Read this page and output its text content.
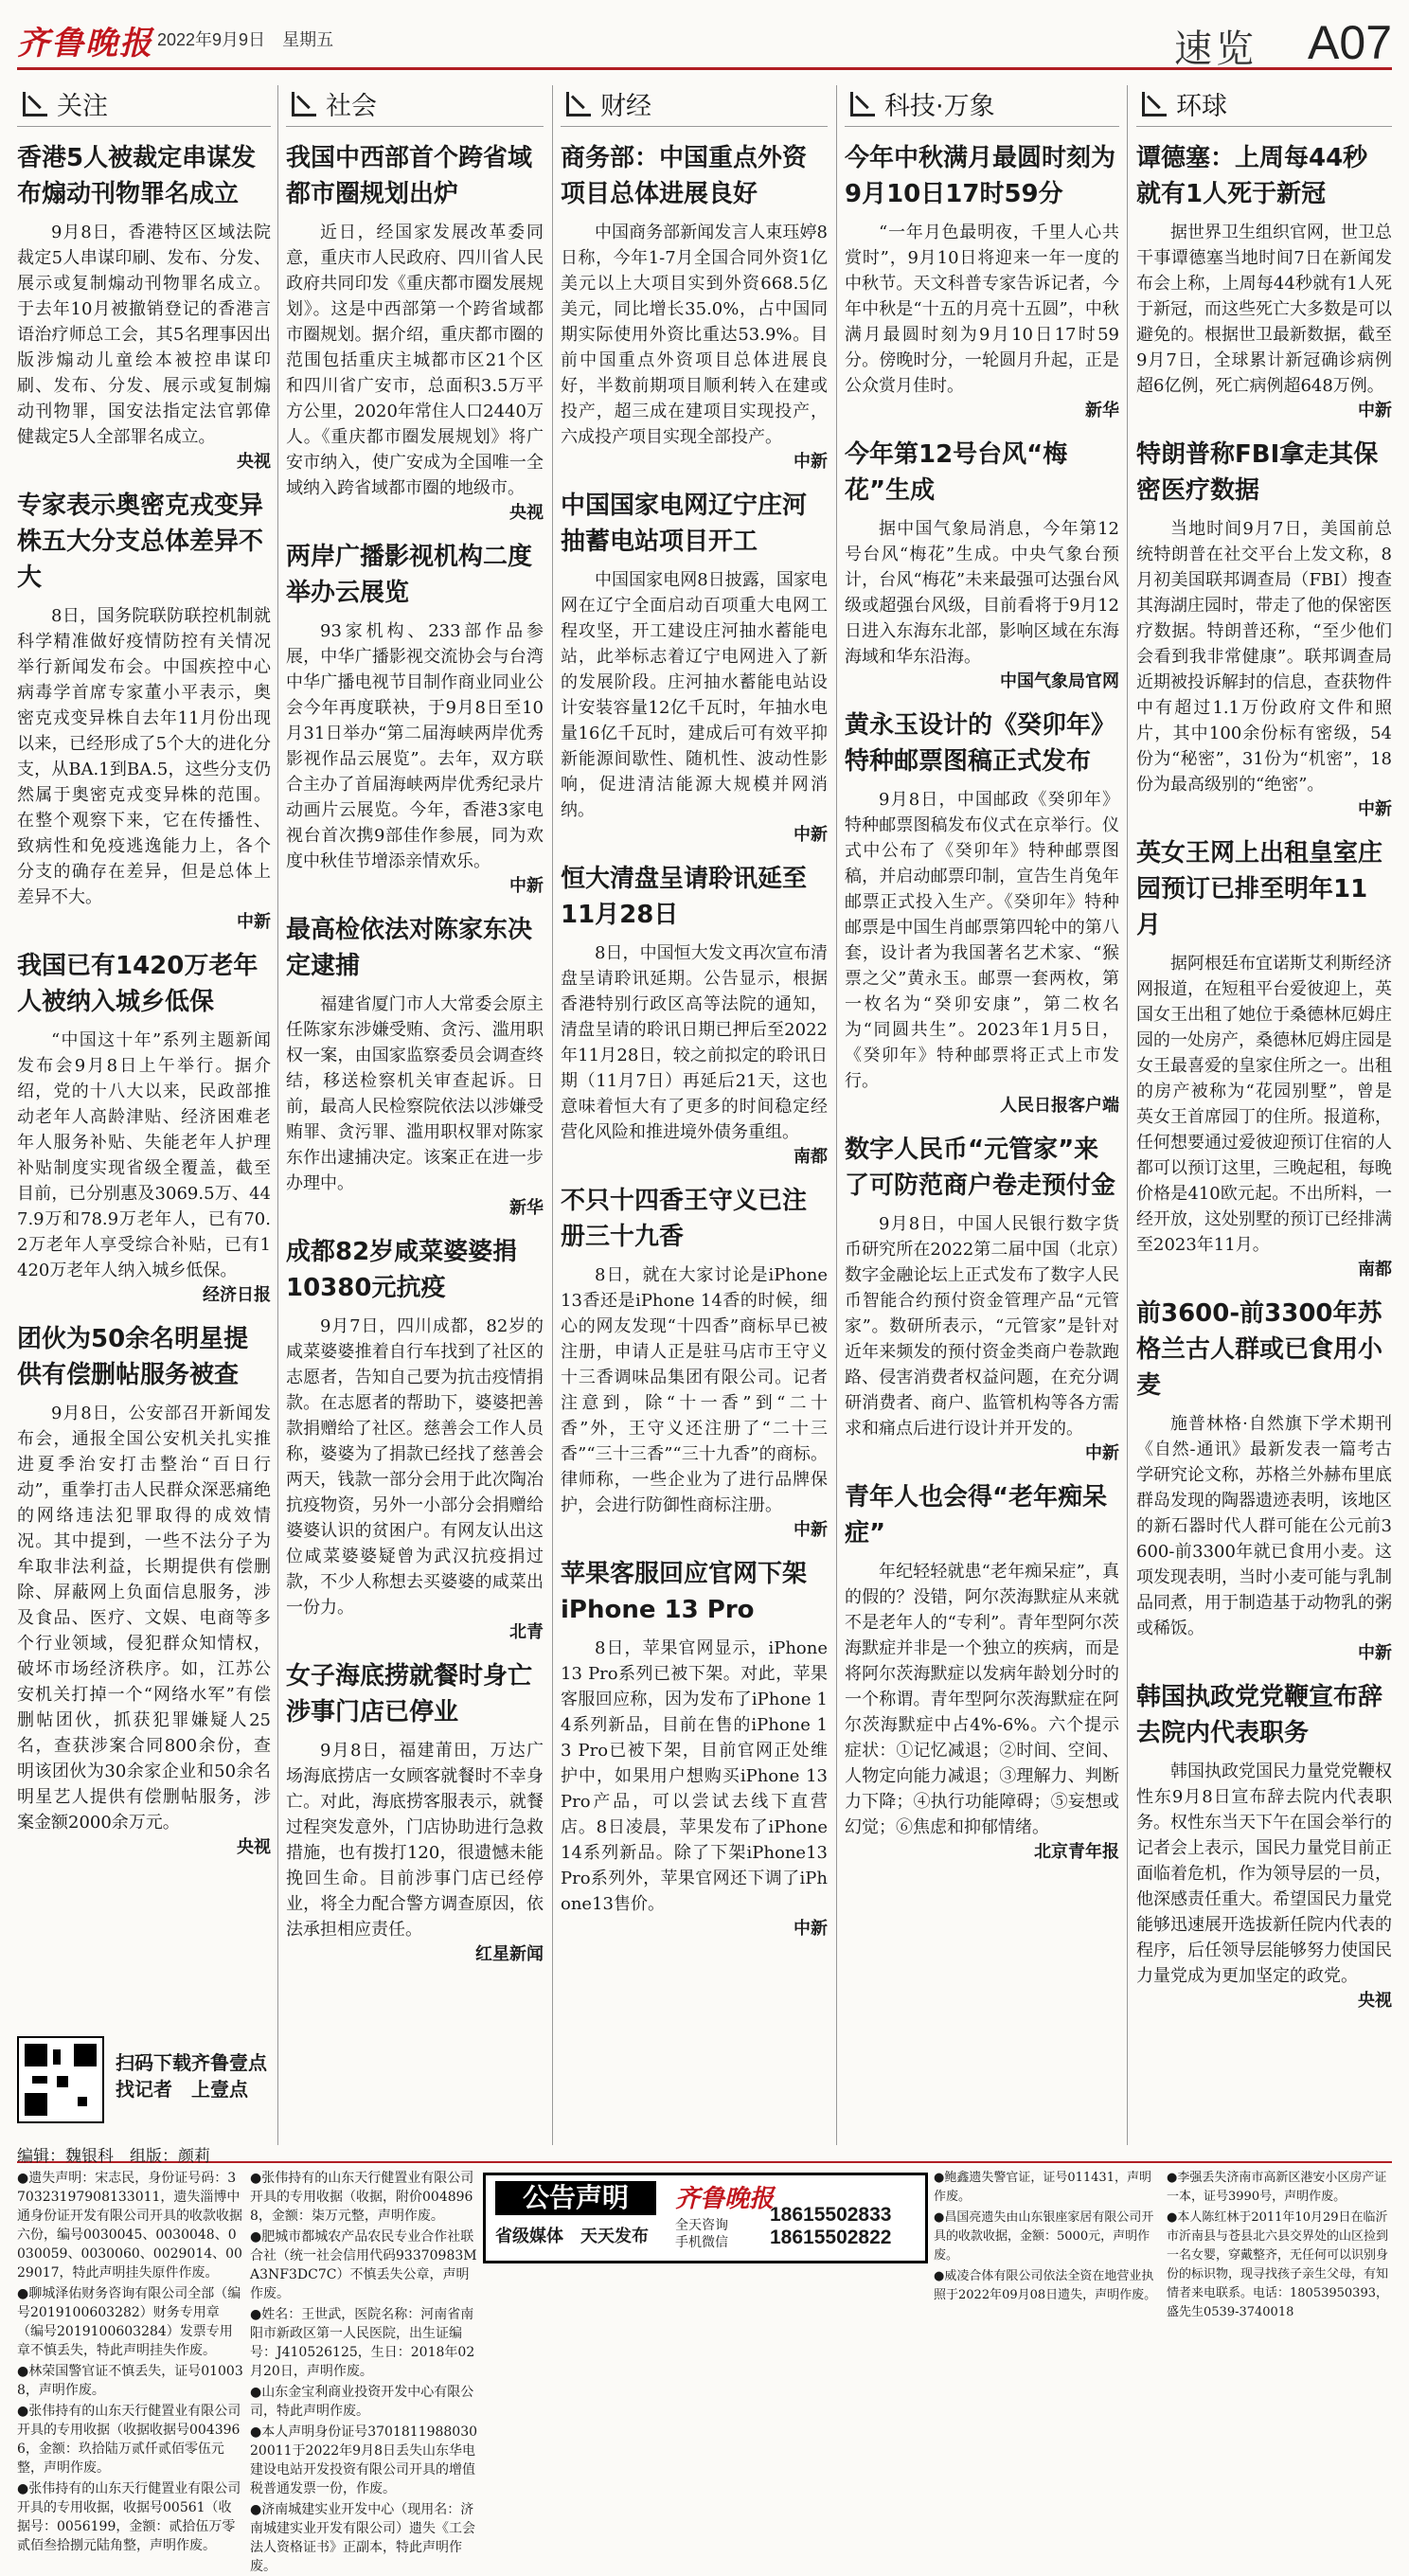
齐鲁晚报 2022年9月9日　星期五	速览 A07
关注
香港5人被裁定串谋发布煽动刊物罪名成立

9月8日，香港特区区域法院裁定5人串谋印刷、发布、分发、展示或复制煽动刊物罪名成立。于去年10月被撤销登记的香港言语治疗师总工会，其5名理事因出版涉煽动儿童绘本被控串谋印刷、发布、分发、展示或复制煽动刊物罪，国安法指定法官郭偉健裁定5人全部罪名成立。

央视
专家表示奥密克戎变异株五大分支总体差异不大

8日，国务院联防联控机制就科学精准做好疫情防控有关情况举行新闻发布会。中国疾控中心病毒学首席专家董小平表示，奥密克戎变异株自去年11月份出现以来，已经形成了5个大的进化分支，从BA.1到BA.5，这些分支仍然属于奥密克戎变异株的范围。在整个观察下来，它在传播性、致病性和免疫逃逸能力上，各个分支的确存在差异，但是总体上差异不大。

中新
我国已有1420万老年人被纳入城乡低保

“中国这十年”系列主题新闻发布会9月8日上午举行。据介绍，党的十八大以来，民政部推动老年人高龄津贴、经济困难老年人服务补贴、失能老年人护理补贴制度实现省级全覆盖，截至目前，已分别惠及3069.5万、447.9万和78.9万老年人，已有70.2万老年人享受综合补贴，已有1420万老年人纳入城乡低保。

经济日报
团伙为50余名明星提供有偿删帖服务被查

9月8日，公安部召开新闻发布会，通报全国公安机关扎实推进夏季治安打击整治“百日行动”，重拳打击人民群众深恶痛绝的网络违法犯罪取得的成效情况。其中提到，一些不法分子为牟取非法利益，长期提供有偿删除、屏蔽网上负面信息服务，涉及食品、医疗、文娱、电商等多个行业领域，侵犯群众知情权，破坏市场经济秩序。如，江苏公安机关打掉一个“网络水军”有偿删帖团伙，抓获犯罪嫌疑人25名，查获涉案合同800余份，查明该团伙为30余家企业和50余名明星艺人提供有偿删帖服务，涉案金额2000余万元。

央视
社会
我国中西部首个跨省域都市圈规划出炉

近日，经国家发展改革委同意，重庆市人民政府、四川省人民政府共同印发《重庆都市圈发展规划》。这是中西部第一个跨省域都市圈规划。据介绍，重庆都市圈的范围包括重庆主城都市区21个区和四川省广安市，总面积3.5万平方公里，2020年常住人口2440万人。《重庆都市圈发展规划》将广安市纳入，使广安成为全国唯一全域纳入跨省域都市圈的地级市。

央视
两岸广播影视机构二度举办云展览

93家机构、233部作品参展，中华广播影视交流协会与台湾中华广播电视节目制作商业同业公会今年再度联袂，于9月8日至10月31日举办“第二届海峡两岸优秀影视作品云展览”。去年，双方联合主办了首届海峡两岸优秀纪录片动画片云展览。今年，香港3家电视台首次携9部佳作参展，同为欢度中秋佳节增添亲情欢乐。

中新
最高检依法对陈家东决定逮捕

福建省厦门市人大常委会原主任陈家东涉嫌受贿、贪污、滥用职权一案，由国家监察委员会调查终结，移送检察机关审查起诉。日前，最高人民检察院依法以涉嫌受贿罪、贪污罪、滥用职权罪对陈家东作出逮捕决定。该案正在进一步办理中。

新华
成都82岁咸菜婆婆捐10380元抗疫

9月7日，四川成都，82岁的咸菜婆婆推着自行车找到了社区的志愿者，告知自己要为抗击疫情捐款。在志愿者的帮助下，婆婆把善款捐赠给了社区。慈善会工作人员称，婆婆为了捐款已经找了慈善会两天，钱款一部分会用于此次陶冶抗疫物资，另外一小部分会捐赠给婆婆认识的贫困户。有网友认出这位咸菜婆婆疑曾为武汉抗疫捐过款，不少人称想去买婆婆的咸菜出一份力。

北青
女子海底捞就餐时身亡涉事门店已停业

9月8日，福建莆田，万达广场海底捞店一女顾客就餐时不幸身亡。对此，海底捞客服表示，就餐过程突发意外，门店协助进行急救措施，也有拨打120，很遗憾未能挽回生命。目前涉事门店已经停业，将全力配合警方调查原因，依法承担相应责任。

红星新闻
财经
商务部：中国重点外资项目总体进展良好

中国商务部新闻发言人束珏婷8日称，今年1-7月全国合同外资1亿美元以上大项目实到外资668.5亿美元，同比增长35.0%，占中国同期实际使用外资比重达53.9%。目前中国重点外资项目总体进展良好，半数前期项目顺利转入在建或投产，超三成在建项目实现投产，六成投产项目实现全部投产。

中新
中国国家电网辽宁庄河抽蓄电站项目开工

中国国家电网8日披露，国家电网在辽宁全面启动百项重大电网工程攻坚，开工建设庄河抽水蓄能电站，此举标志着辽宁电网进入了新的发展阶段。庄河抽水蓄能电站设计安装容量12亿千瓦时，年抽水电量16亿千瓦时，建成后可有效平抑新能源间歇性、随机性、波动性影响，促进清洁能源大规模并网消纳。

中新
恒大清盘呈请聆讯延至11月28日

8日，中国恒大发文再次宣布清盘呈请聆讯延期。公告显示，根据香港特别行政区高等法院的通知，清盘呈请的聆讯日期已押后至2022年11月28日，较之前拟定的聆讯日期（11月7日）再延后21天，这也意味着恒大有了更多的时间稳定经营化风险和推进境外债务重组。

南都
不只十四香王守义已注册三十九香

8日，就在大家讨论是iPhone 13香还是iPhone 14香的时候，细心的网友发现“十四香”商标早已被注册，申请人正是驻马店市王守义十三香调味品集团有限公司。记者注意到，除“十一香”到“二十香”外，王守义还注册了“二十三香”“三十三香”“三十九香”的商标。律师称，一些企业为了进行品牌保护，会进行防御性商标注册。

中新
苹果客服回应官网下架iPhone 13 Pro

8日，苹果官网显示，iPhone13 Pro系列已被下架。对此，苹果客服回应称，因为发布了iPhone 14系列新品，目前在售的iPhone 13 Pro已被下架，目前官网正处维护中，如果用户想购买iPhone 13 Pro产品，可以尝试去线下直营店。8日凌晨，苹果发布了iPhone 14系列新品。除了下架iPhone13 Pro系列外，苹果官网还下调了iPhone13售价。

中新
科技·万象
今年中秋满月最圆时刻为9月10日17时59分

“一年月色最明夜，千里人心共赏时”，9月10日将迎来一年一度的中秋节。天文科普专家告诉记者，今年中秋是“十五的月亮十五圆”，中秋满月最圆时刻为9月10日17时59分。傍晚时分，一轮圆月升起，正是公众赏月佳时。

新华
今年第12号台风“梅花”生成

据中国气象局消息，今年第12号台风“梅花”生成。中央气象台预计，台风“梅花”未来最强可达强台风级或超强台风级，目前看将于9月12日进入东海东北部，影响区域在东海海域和华东沿海。

中国气象局官网
黄永玉设计的《癸卯年》特种邮票图稿正式发布

9月8日，中国邮政《癸卯年》特种邮票图稿发布仪式在京举行。仪式中公布了《癸卯年》特种邮票图稿，并启动邮票印制，宣告生肖兔年邮票正式投入生产。《癸卯年》特种邮票是中国生肖邮票第四轮中的第八套，设计者为我国著名艺术家、“猴票之父”黄永玉。邮票一套两枚，第一枚名为“癸卯安康”，第二枚名为“同圆共生”。2023年1月5日，《癸卯年》特种邮票将正式上市发行。

人民日报客户端
数字人民币“元管家”来了可防范商户卷走预付金

9月8日，中国人民银行数字货币研究所在2022第二届中国（北京）数字金融论坛上正式发布了数字人民币智能合约预付资金管理产品“元管家”。数研所表示，“元管家”是针对近年来频发的预付资金类商户卷款跑路、侵害消费者权益问题，在充分调研消费者、商户、监管机构等各方需求和痛点后进行设计并开发的。

中新
青年人也会得“老年痴呆症”

年纪轻轻就患“老年痴呆症”，真的假的？没错，阿尔茨海默症从来就不是老年人的“专利”。青年型阿尔茨海默症并非是一个独立的疾病，而是将阿尔茨海默症以发病年龄划分时的一个称谓。青年型阿尔茨海默症在阿尔茨海默症中占4%-6%。六个提示症状：①记忆减退；②时间、空间、人物定向能力减退；③理解力、判断力下降；④执行功能障碍；⑤妄想或幻觉；⑥焦虑和抑郁情绪。

北京青年报
环球
谭德塞：上周每44秒就有1人死于新冠

据世界卫生组织官网，世卫总干事谭德塞当地时间7日在新闻发布会上称，上周每44秒就有1人死于新冠，而这些死亡大多数是可以避免的。根据世卫最新数据，截至9月7日，全球累计新冠确诊病例超6亿例，死亡病例超648万例。

中新
特朗普称FBI拿走其保密医疗数据

当地时间9月7日，美国前总统特朗普在社交平台上发文称，8月初美国联邦调查局（FBI）搜查其海湖庄园时，带走了他的保密医疗数据。特朗普还称，“至少他们会看到我非常健康”。联邦调查局近期被投诉解封的信息，查获物件中有超过1.1万份政府文件和照片，其中100余份标有密级，54份为“秘密”，31份为“机密”，18份为最高级别的“绝密”。

中新
英女王网上出租皇室庄园预订已排至明年11月

据阿根廷布宜诺斯艾利斯经济网报道，在短租平台爱彼迎上，英国女王出租了她位于桑德林厄姆庄园的一处房产，桑德林厄姆庄园是女王最喜爱的皇家住所之一。出租的房产被称为“花园别墅”，曾是英女王首席园丁的住所。报道称，任何想要通过爱彼迎预订住宿的人都可以预订这里，三晚起租，每晚价格是410欧元起。不出所料，一经开放，这处别墅的预订已经排满至2023年11月。

南都
前3600-前3300年苏格兰古人群或已食用小麦

施普林格·自然旗下学术期刊《自然-通讯》最新发表一篇考古学研究论文称，苏格兰外赫布里底群岛发现的陶器遗迹表明，该地区的新石器时代人群可能在公元前3600-前3300年就已食用小麦。这项发现表明，当时小麦可能与乳制品同煮，用于制造基于动物乳的粥或稀饭。

中新
韩国执政党党鞭宣布辞去院内代表职务

韩国执政党国民力量党党鞭权性东9月8日宣布辞去院内代表职务。权性东当天下午在国会举行的记者会上表示，国民力量党目前正面临着危机，作为领导层的一员，他深感责任重大。希望国民力量党能够迅速展开选拔新任院内代表的程序，后任领导层能够努力使国民力量党成为更加坚定的政党。

央视
扫码下载齐鲁壹点
找记者　上壹点
编辑：魏银科　组版：颜莉

●遗失声明：宋志民，身份证号码：370323197908133011，遗失淄博中通身份证开发有限公司开具的收款收据六份，编号0030045、0030048、0030059、0030060、0029014、0029017，特此声明挂失原件作废。

●聊城泽佑财务咨询有限公司全部（编号2019100603282）财务专用章（编号2019100603284）发票专用章不慎丢失，特此声明挂失作废。

●林荣国警官证不慎丢失，证号010038，声明作废。

●张伟持有的山东天行健置业有限公司开具的专用收据（收据收据号0043966，金额：玖拾陆万贰仟贰佰零伍元整，声明作废。

●张伟持有的山东天行健置业有限公司开具的专用收据，收据号00561（收据号：0056199，金额：贰拾伍万零贰佰叁拾捌元陆角整，声明作废。

●张伟持有的山东天行健置业有限公司开具的专用收据（收据，附价0048968，金额：柒万元整，声明作废。

●肥城市都城农产品农民专业合作社联合社（统一社会信用代码93370983MA3NF3DC7C）不慎丢失公章，声明作废。

●姓名：王世武，医院名称：河南省南阳市新政区第一人民医院，出生证编号：J410526125，生日：2018年02月20日，声明作废。

●山东金宝利商业投资开发中心有限公司，特此声明作废。

●本人声明身份证号370181198803020011于2022年9月8日丢失山东华电建设电站开发投资有限公司开具的增值税普通发票一份，作废。

●济南城建实业开发中心（现用名：济南城建实业开发有限公司）遗失《工会法人资格证书》正副本，特此声明作废。

公告声明	齐鲁晚报
省级媒体　天天发布
全天咨询
手机微信
18615502833
18615502822

●鲍鑫遗失警官证，证号011431，声明作废。

●昌国亮遗失由山东银座家居有限公司开具的收款收据，金额：5000元，声明作废。

●威凌合体有限公司依法全资在地营业执照于2022年09月08日遗失，声明作废。

●李强丢失济南市高新区港安小区房产证一本，证号3990号，声明作废。

●本人陈红林于2011年10月29日在临沂市沂南县与苍县北六县交界处的山区捡到一名女婴，穿戴整齐，无任何可以识别身份的标识物，现寻找孩子亲生父母，有知情者来电联系。电话：18053950393，盛先生0539-3740018
